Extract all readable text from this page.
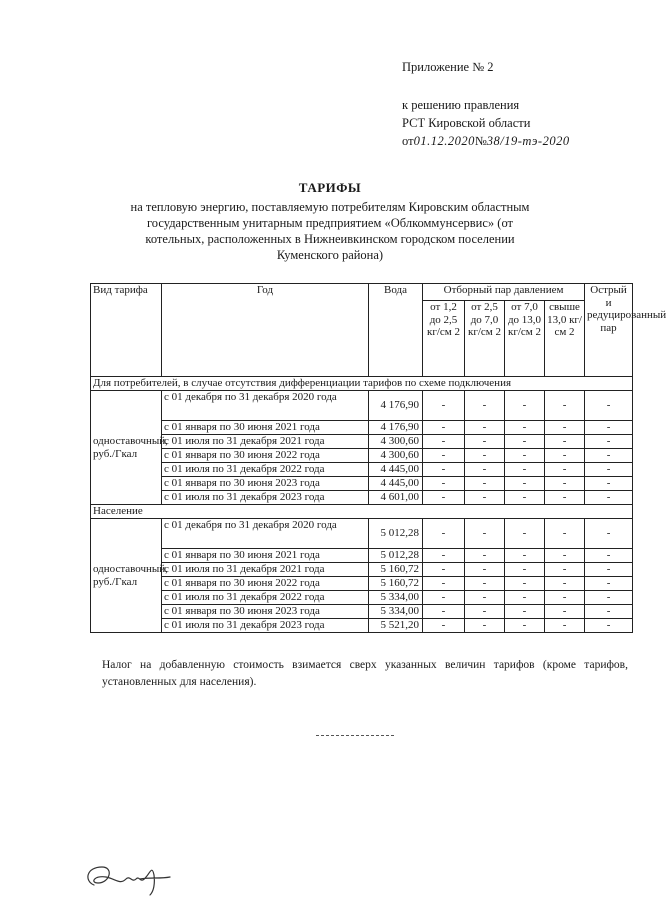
Приложение № 2
к решению правления
РСТ Кировской области
от01.12.2020№38/19-тэ-2020
ТАРИФЫ
на тепловую энергию, поставляемую потребителям Кировским областным государственным унитарным предприятием «Облкоммунсервис» (от котельных, расположенных в Нижнеивкинском городском поселении Куменского района)
Вид тарифа	Год	Вода	Отборный пар давлением				Острый и редуцированный пар
			от 1,2 до 2,5 кг/см 2	от 2,5 до 7,0 кг/см 2	от 7,0 до 13,0 кг/см 2	свыше 13,0 кг/см 2	
Для потребителей, в случае отсутствия дифференциации тарифов по схеме подключения							
одноставочный, руб./Гкал	с 01 декабря по 31 декабря 2020 года	4 176,90	-	-	-	-	-
	с 01 января по 30 июня 2021 года	4 176,90	-	-	-	-	-
	с 01 июля по 31 декабря 2021 года	4 300,60	-	-	-	-	-
	с 01 января по 30 июня 2022 года	4 300,60	-	-	-	-	-
	с 01 июля по 31 декабря 2022 года	4 445,00	-	-	-	-	-
	с 01 января по 30 июня 2023 года	4 445,00	-	-	-	-	-
	с 01 июля по 31 декабря 2023 года	4 601,00	-	-	-	-	-
Население							
одноставочный, руб./Гкал	с 01 декабря по 31 декабря 2020 года	5 012,28	-	-	-	-	-
	с 01 января по 30 июня 2021 года	5 012,28	-	-	-	-	-
	с 01 июля по 31 декабря 2021 года	5 160,72	-	-	-	-	-
	с 01 января по 30 июня 2022 года	5 160,72	-	-	-	-	-
	с 01 июля по 31 декабря 2022 года	5 334,00	-	-	-	-	-
	с 01 января по 30 июня 2023 года	5 334,00	-	-	-	-	-
	с 01 июля по 31 декабря 2023 года	5 521,20	-	-	-	-	-
Налог на добавленную стоимость взимается сверх указанных величин тарифов (кроме тарифов, установленных для населения).
